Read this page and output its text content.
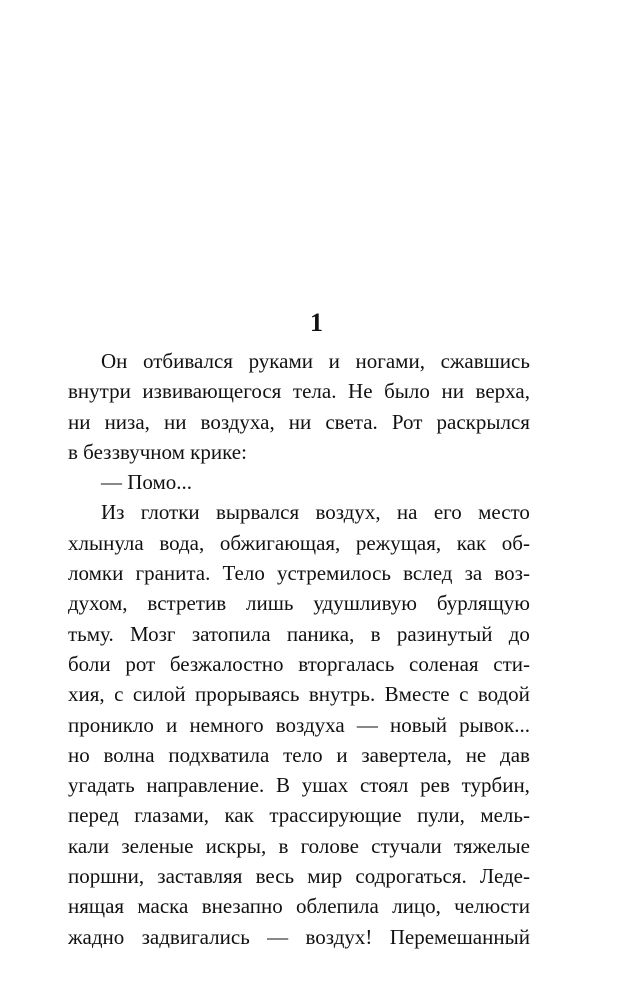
1
Он отбивался руками и ногами, сжавшись
внутри извивающегося тела. Не было ни верха,
ни низа, ни воздуха, ни света. Рот раскрылся
в беззвучном крике:
— Помо...
Из глотки вырвался воздух, на его место
хлынула вода, обжигающая, режущая, как об-
ломки гранита. Тело устремилось вслед за воз-
духом, встретив лишь удушливую бурлящую
тьму. Мозг затопила паника, в разинутый до
боли рот безжалостно вторгалась соленая сти-
хия, с силой прорываясь внутрь. Вместе с водой
проникло и немного воздуха — новый рывок...
но волна подхватила тело и завертела, не дав
угадать направление. В ушах стоял рев турбин,
перед глазами, как трассирующие пули, мель-
кали зеленые искры, в голове стучали тяжелые
поршни, заставляя весь мир содрогаться. Леде-
нящая маска внезапно облепила лицо, челюсти
жадно задвигались — воздух! Перемешанный
